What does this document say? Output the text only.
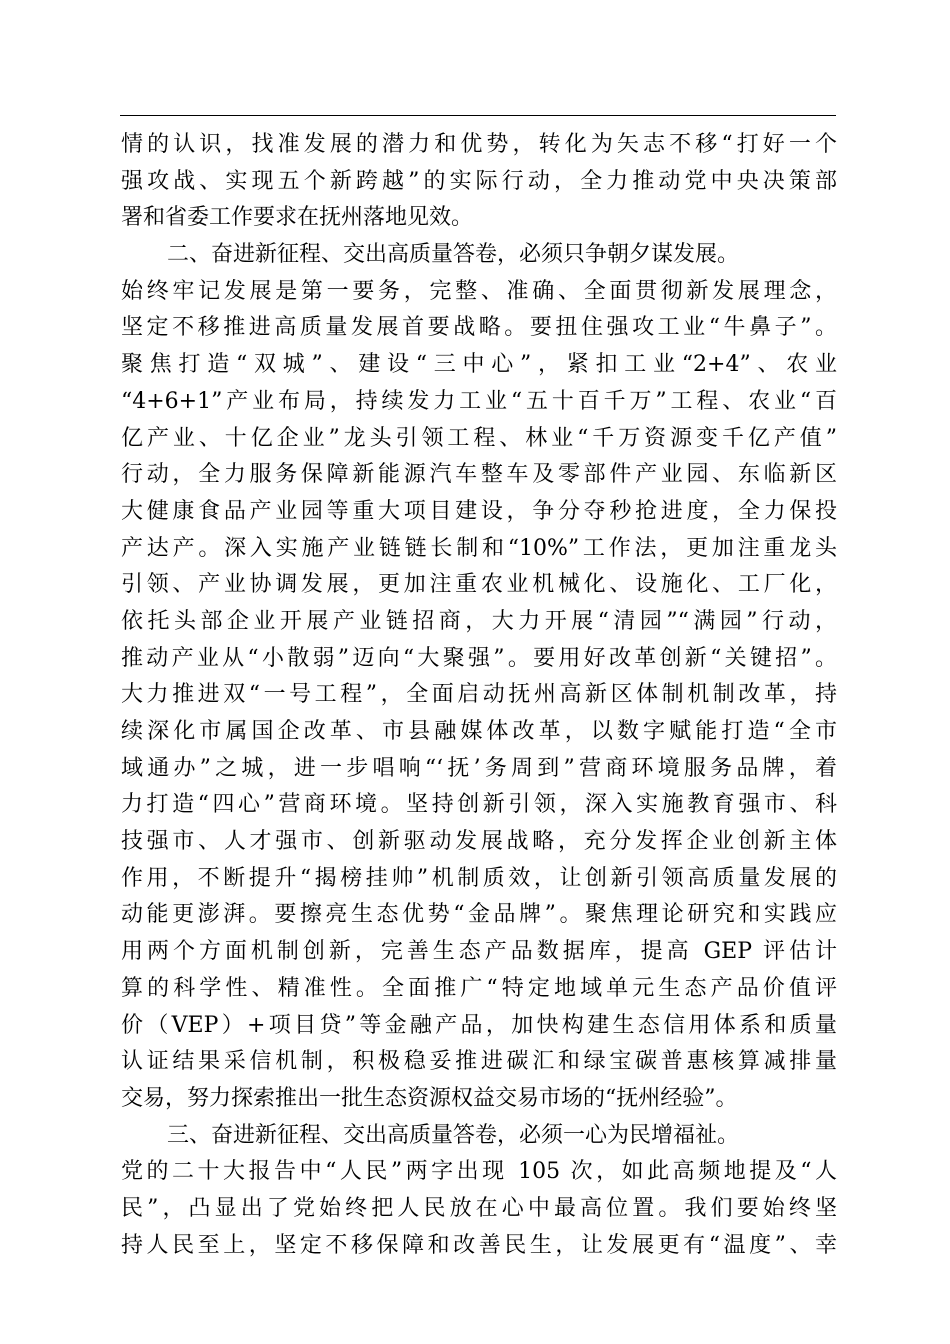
情的认识，找准发展的潜力和优势，转化为矢志不移“打好一个
强攻战、实现五个新跨越”的实际行动，全力推动党中央决策部
署和省委工作要求在抚州落地见效。
二、奋进新征程、交出高质量答卷，必须只争朝夕谋发展。
始终牢记发展是第一要务，完整、准确、全面贯彻新发展理念，
坚定不移推进高质量发展首要战略。要扭住强攻工业“牛鼻子”。
聚焦打造“双城”、建设“三中心”，紧扣工业“2+4”、农业
“4+6+1”产业布局，持续发力工业“五十百千万”工程、农业“百
亿产业、十亿企业”龙头引领工程、林业“千万资源变千亿产值”
行动，全力服务保障新能源汽车整车及零部件产业园、东临新区
大健康食品产业园等重大项目建设，争分夺秒抢进度，全力保投
产达产。深入实施产业链链长制和“10%”工作法，更加注重龙头
引领、产业协调发展，更加注重农业机械化、设施化、工厂化，
依托头部企业开展产业链招商，大力开展“清园”“满园”行动，
推动产业从“小散弱”迈向“大聚强”。要用好改革创新“关键招”。
大力推进双“一号工程”，全面启动抚州高新区体制机制改革，持
续深化市属国企改革、市县融媒体改革，以数字赋能打造“全市
域通办”之城，进一步唱响“‘抚’务周到”营商环境服务品牌，着
力打造“四心”营商环境。坚持创新引领，深入实施教育强市、科
技强市、人才强市、创新驱动发展战略，充分发挥企业创新主体
作用，不断提升“揭榜挂帅”机制质效，让创新引领高质量发展的
动能更澎湃。要擦亮生态优势“金品牌”。聚焦理论研究和实践应
用两个方面机制创新，完善生态产品数据库，提高 GEP 评估计
算的科学性、精准性。全面推广“特定地域单元生态产品价值评
价（VEP）+项目贷”等金融产品，加快构建生态信用体系和质量
认证结果采信机制，积极稳妥推进碳汇和绿宝碳普惠核算减排量
交易，努力探索推出一批生态资源权益交易市场的“抚州经验”。
三、奋进新征程、交出高质量答卷，必须一心为民增福祉。
党的二十大报告中“人民”两字出现 105 次，如此高频地提及“人
民”，凸显出了党始终把人民放在心中最高位置。我们要始终坚
持人民至上，坚定不移保障和改善民生，让发展更有“温度”、幸
